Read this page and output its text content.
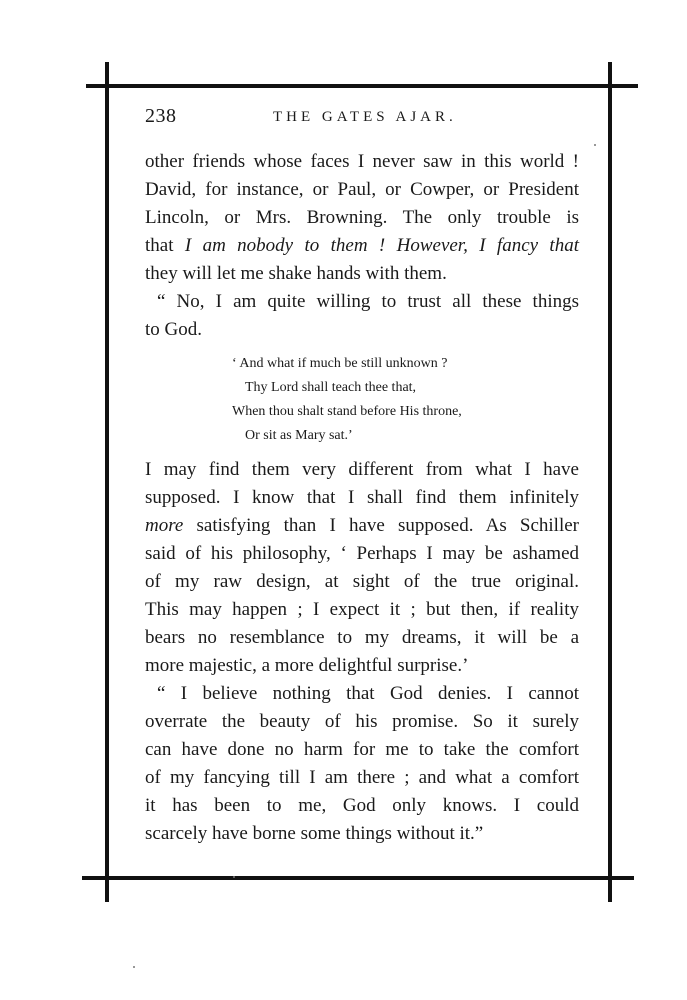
238	THE GATES AJAR.
other friends whose faces I never saw in this world !
David, for instance, or Paul, or Cowper, or President
Lincoln, or Mrs. Browning. The only trouble is
that I am nobody to them ! However, I fancy that
they will let me shake hands with them.
“ No, I am quite willing to trust all these things
to God.
‘ And what if much be still unknown ?
Thy Lord shall teach thee that,
When thou shalt stand before His throne,
Or sit as Mary sat.’
I may find them very different from what I have
supposed. I know that I shall find them infinitely
more satisfying than I have supposed. As Schiller
said of his philosophy, ‘ Perhaps I may be ashamed
of my raw design, at sight of the true original.
This may happen ; I expect it ; but then, if reality
bears no resemblance to my dreams, it will be a
more majestic, a more delightful surprise.’
“ I believe nothing that God denies. I cannot
overrate the beauty of his promise. So it surely
can have done no harm for me to take the comfort
of my fancying till I am there ; and what a comfort
it has been to me, God only knows. I could
scarcely have borne some things without it.”
